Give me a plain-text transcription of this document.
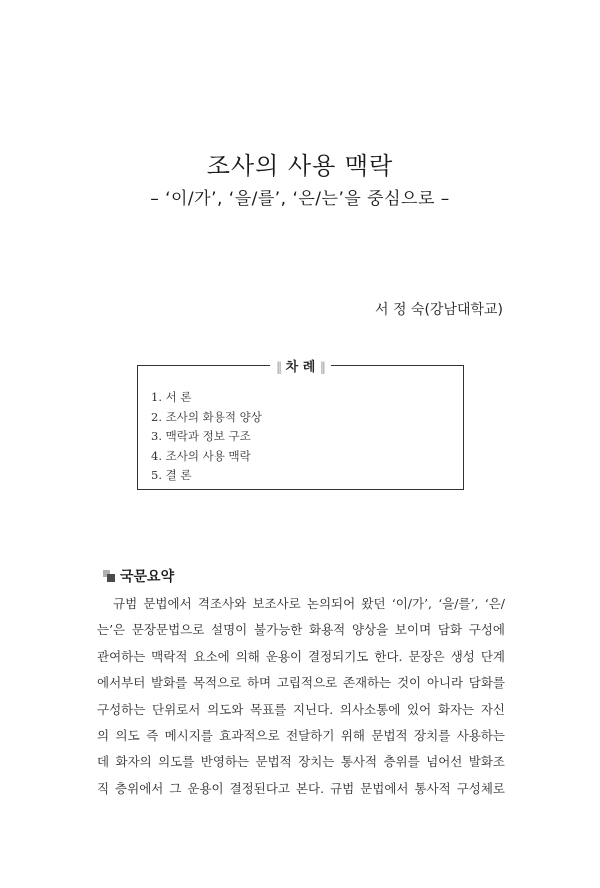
조사의 사용 맥락
– ‘이/가’, ‘을/를’, ‘은/는’을 중심으로 –
서 정 숙(강남대학교)
‖ 차 례 ‖
1. 서 론
2. 조사의 화용적 양상
3. 맥락과 정보 구조
4. 조사의 사용 맥락
5. 결 론
국문요약
규범 문법에서 격조사와 보조사로 논의되어 왔던 ‘이/가’, ‘을/를’, ‘은/
는’은 문장문법으로 설명이 불가능한 화용적 양상을 보이며 담화 구성에
관여하는 맥락적 요소에 의해 운용이 결정되기도 한다. 문장은 생성 단계
에서부터 발화를 목적으로 하며 고립적으로 존재하는 것이 아니라 담화를
구성하는 단위로서 의도와 목표를 지닌다. 의사소통에 있어 화자는 자신
의 의도 즉 메시지를 효과적으로 전달하기 위해 문법적 장치를 사용하는
데 화자의 의도를 반영하는 문법적 장치는 통사적 층위를 넘어선 발화조
직 층위에서 그 운용이 결정된다고 본다. 규범 문법에서 통사적 구성체로
